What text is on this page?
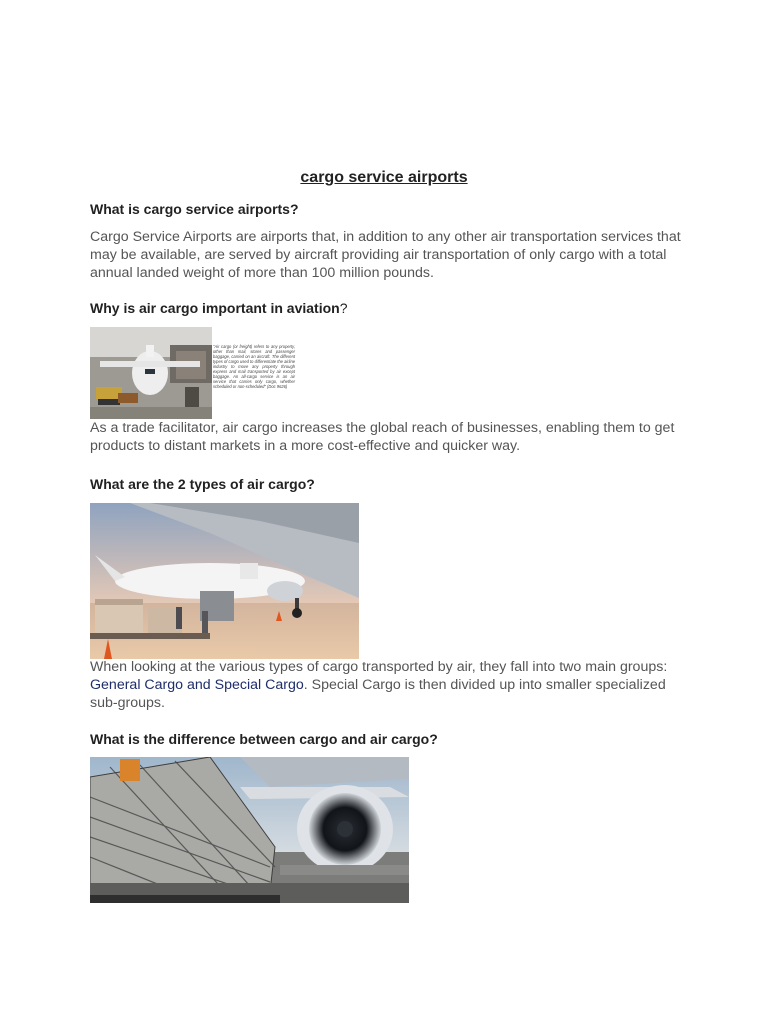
cargo service airports
What is cargo service airports?
Cargo Service Airports are airports that, in addition to any other air transportation services that may be available, are served by aircraft providing air transportation of only cargo with a total annual landed weight of more than 100 million pounds.
Why is air cargo important in aviation?
"Air cargo (or freight) refers to any property, other than mail, stores and passenger baggage, carried on an aircraft. The different types of cargo used to differentiate the airline industry to move any property through express and mail transported by air except baggage. An all-cargo service is an air service that carries only cargo, whether scheduled or non-scheduled" (Doc 9626)
As a trade facilitator, air cargo increases the global reach of businesses, enabling them to get products to distant markets in a more cost-effective and quicker way.
What are the 2 types of air cargo?
When looking at the various types of cargo transported by air, they fall into two main groups: General Cargo and Special Cargo. Special Cargo is then divided up into smaller specialized sub-groups.
What is the difference between cargo and air cargo?
